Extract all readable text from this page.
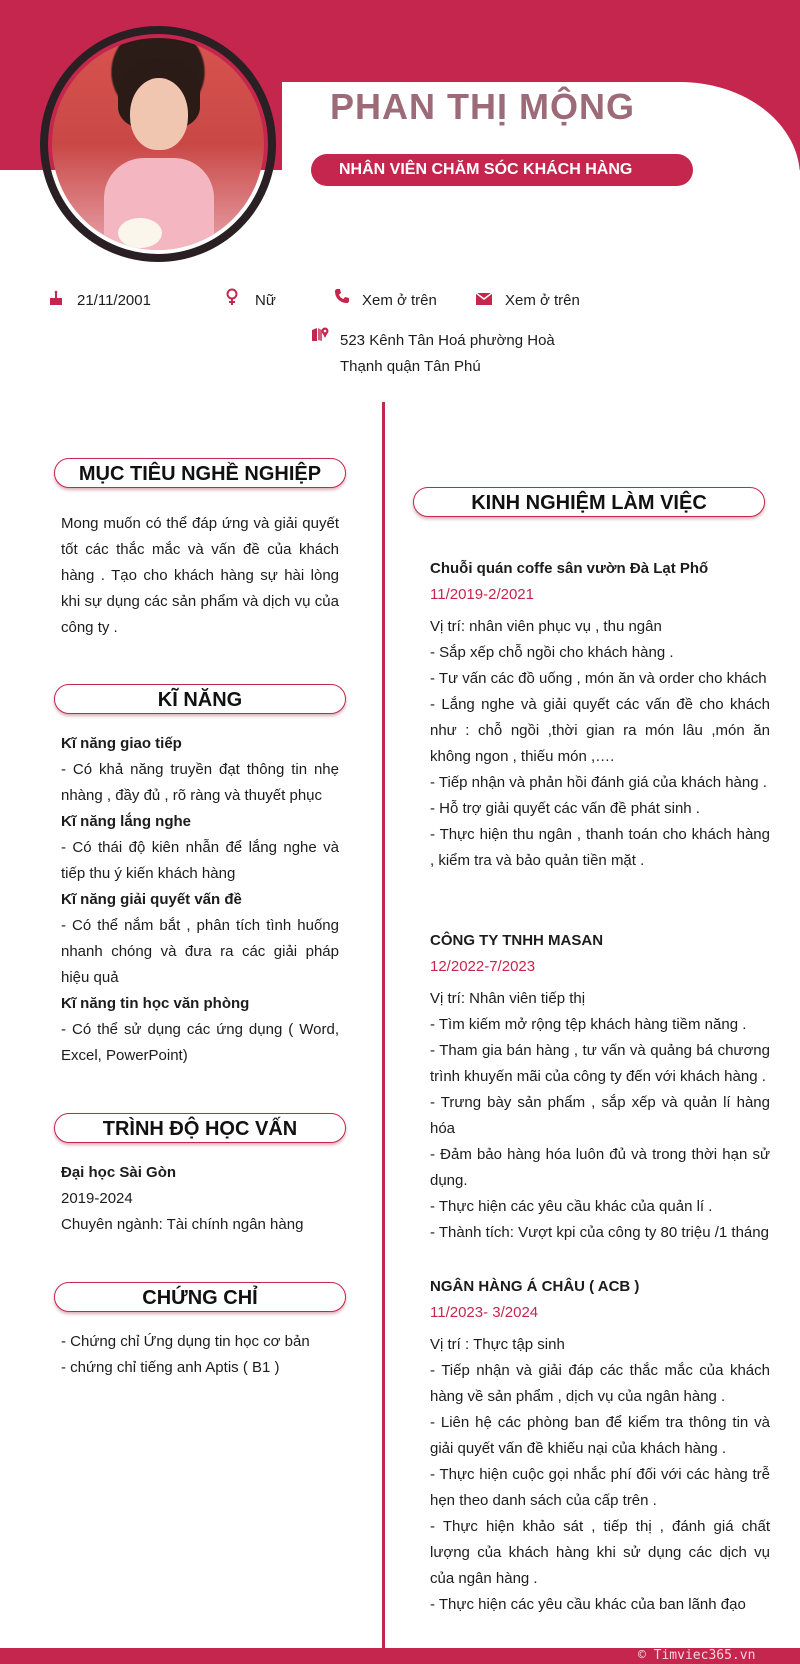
PHAN THỊ MỘNG
NHÂN VIÊN CHĂM SÓC KHÁCH HÀNG
21/11/2001	Nữ	Xem ở trên	Xem ở trên
523 Kênh Tân Hoá phường Hoà
Thạnh quận Tân Phú
MỤC TIÊU NGHỀ NGHIỆP
Mong muốn có thể đáp ứng và giải quyết tốt các thắc mắc và vấn đề của khách hàng . Tạo cho khách hàng sự hài lòng khi sự dụng các sản phẩm và dịch vụ của công ty .
KĨ NĂNG
Kĩ năng giao tiếp
- Có khả năng truyền đạt thông tin nhẹ nhàng , đầy đủ , rõ ràng và thuyết phục
Kĩ năng lắng nghe
- Có thái độ kiên nhẫn để lắng nghe và tiếp thu ý kiến khách hàng
Kĩ năng giải quyết vấn đề
- Có thể nắm bắt , phân tích tình huống nhanh chóng và đưa ra các giải pháp hiệu quả
Kĩ năng tin học văn phòng
- Có thể sử dụng các ứng dụng ( Word, Excel, PowerPoint)
TRÌNH ĐỘ HỌC VẤN
Đại học Sài Gòn
2019-2024
Chuyên ngành: Tài chính ngân hàng
CHỨNG CHỈ
- Chứng chỉ Ứng dụng tin học cơ bản
- chứng chỉ tiếng anh Aptis ( B1 )
KINH NGHIỆM LÀM VIỆC
Chuỗi quán coffe sân vườn Đà Lạt Phố
11/2019-2/2021
Vị trí: nhân viên phục vụ , thu ngân
- Sắp xếp chỗ ngồi cho khách hàng .
- Tư vấn các đồ uống , món ăn và order cho khách
- Lắng nghe và giải quyết các vấn đề cho khách như : chỗ ngồi ,thời gian ra món lâu ,món ăn không ngon , thiếu món ,….
- Tiếp nhận và phản hồi đánh giá của khách hàng .
- Hỗ trợ giải quyết các vấn đề phát sinh .
- Thực hiện thu ngân , thanh toán cho khách hàng , kiểm tra và bảo quản tiền mặt .
CÔNG TY TNHH MASAN
12/2022-7/2023
Vị trí: Nhân viên tiếp thị
- Tìm kiếm mở rộng tệp khách hàng tiềm năng .
- Tham gia bán hàng , tư vấn và quảng bá chương trình khuyến mãi của công ty đến với khách hàng .
- Trưng bày sản phẩm , sắp xếp và quản lí hàng hóa
- Đảm bảo hàng hóa luôn đủ và trong thời hạn sử dụng.
- Thực hiện các yêu cầu khác của quản lí .
- Thành tích: Vượt kpi của công ty 80 triệu /1 tháng
NGÂN HÀNG Á CHÂU ( ACB )
11/2023- 3/2024
Vị trí : Thực tập sinh
- Tiếp nhận và giải đáp các thắc mắc của khách hàng về sản phẩm , dịch vụ của ngân hàng .
- Liên hệ các phòng ban để kiểm tra thông tin và giải quyết vấn đề khiếu nại của khách hàng .
- Thực hiện cuộc gọi nhắc phí đối với các hàng trễ hẹn theo danh sách của cấp trên .
- Thực hiện khảo sát , tiếp thị , đánh giá chất lượng của khách hàng khi sử dụng các dịch vụ của ngân hàng .
- Thực hiện các yêu cầu khác của ban lãnh đạo
© Timviec365.vn
